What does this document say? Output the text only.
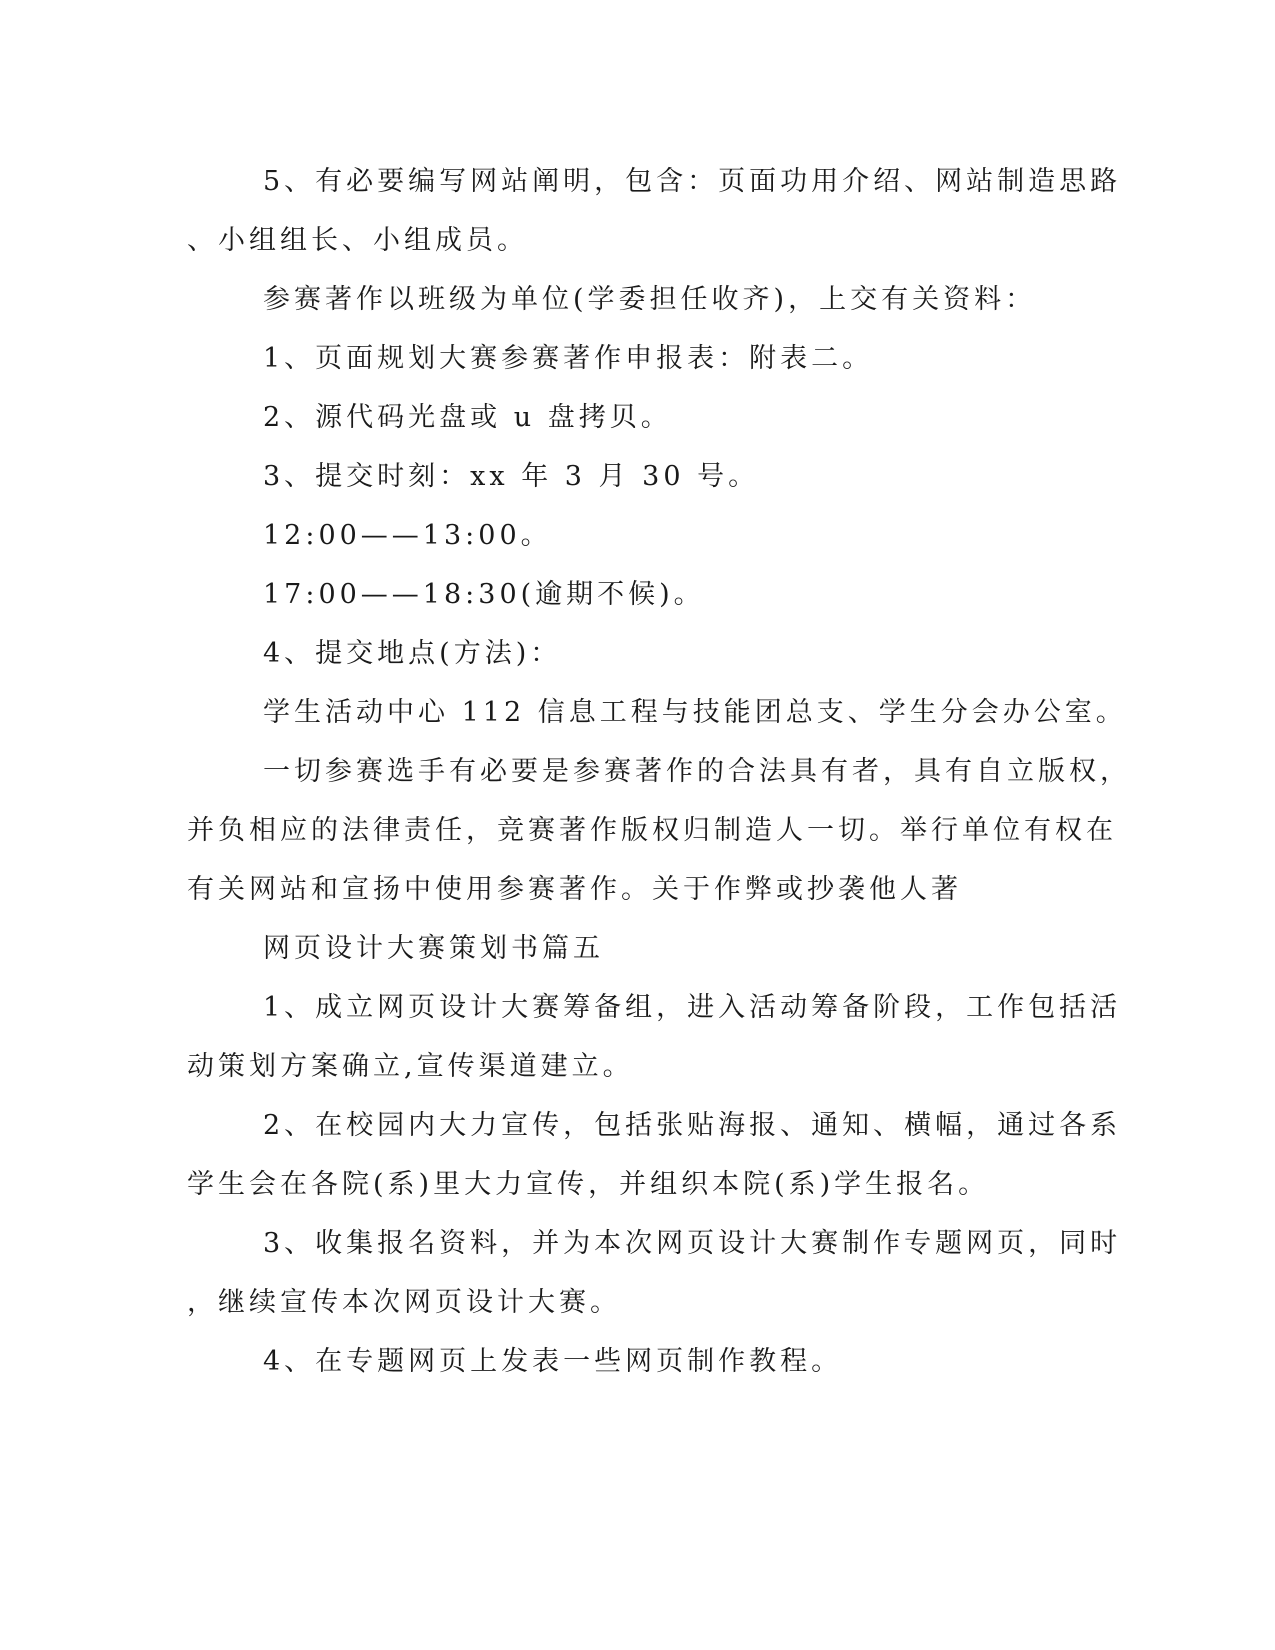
5、有必要编写网站阐明，包含：页面功用介绍、网站制造思路
、小组组长、小组成员。
参赛著作以班级为单位(学委担任收齐)，上交有关资料：
1、页面规划大赛参赛著作申报表：附表二。
2、源代码光盘或 u 盘拷贝。
3、提交时刻：xx 年 3 月 30 号。
12:00——13:00。
17:00——18:30(逾期不候)。
4、提交地点(方法)：
学生活动中心 112 信息工程与技能团总支、学生分会办公室。
一切参赛选手有必要是参赛著作的合法具有者，具有自立版权，
并负相应的法律责任，竞赛著作版权归制造人一切。举行单位有权在
有关网站和宣扬中使用参赛著作。关于作弊或抄袭他人著
网页设计大赛策划书篇五
1、成立网页设计大赛筹备组，进入活动筹备阶段，工作包括活
动策划方案确立,宣传渠道建立。
2、在校园内大力宣传，包括张贴海报、通知、横幅，通过各系
学生会在各院(系)里大力宣传，并组织本院(系)学生报名。
3、收集报名资料，并为本次网页设计大赛制作专题网页，同时
，继续宣传本次网页设计大赛。
4、在专题网页上发表一些网页制作教程。
